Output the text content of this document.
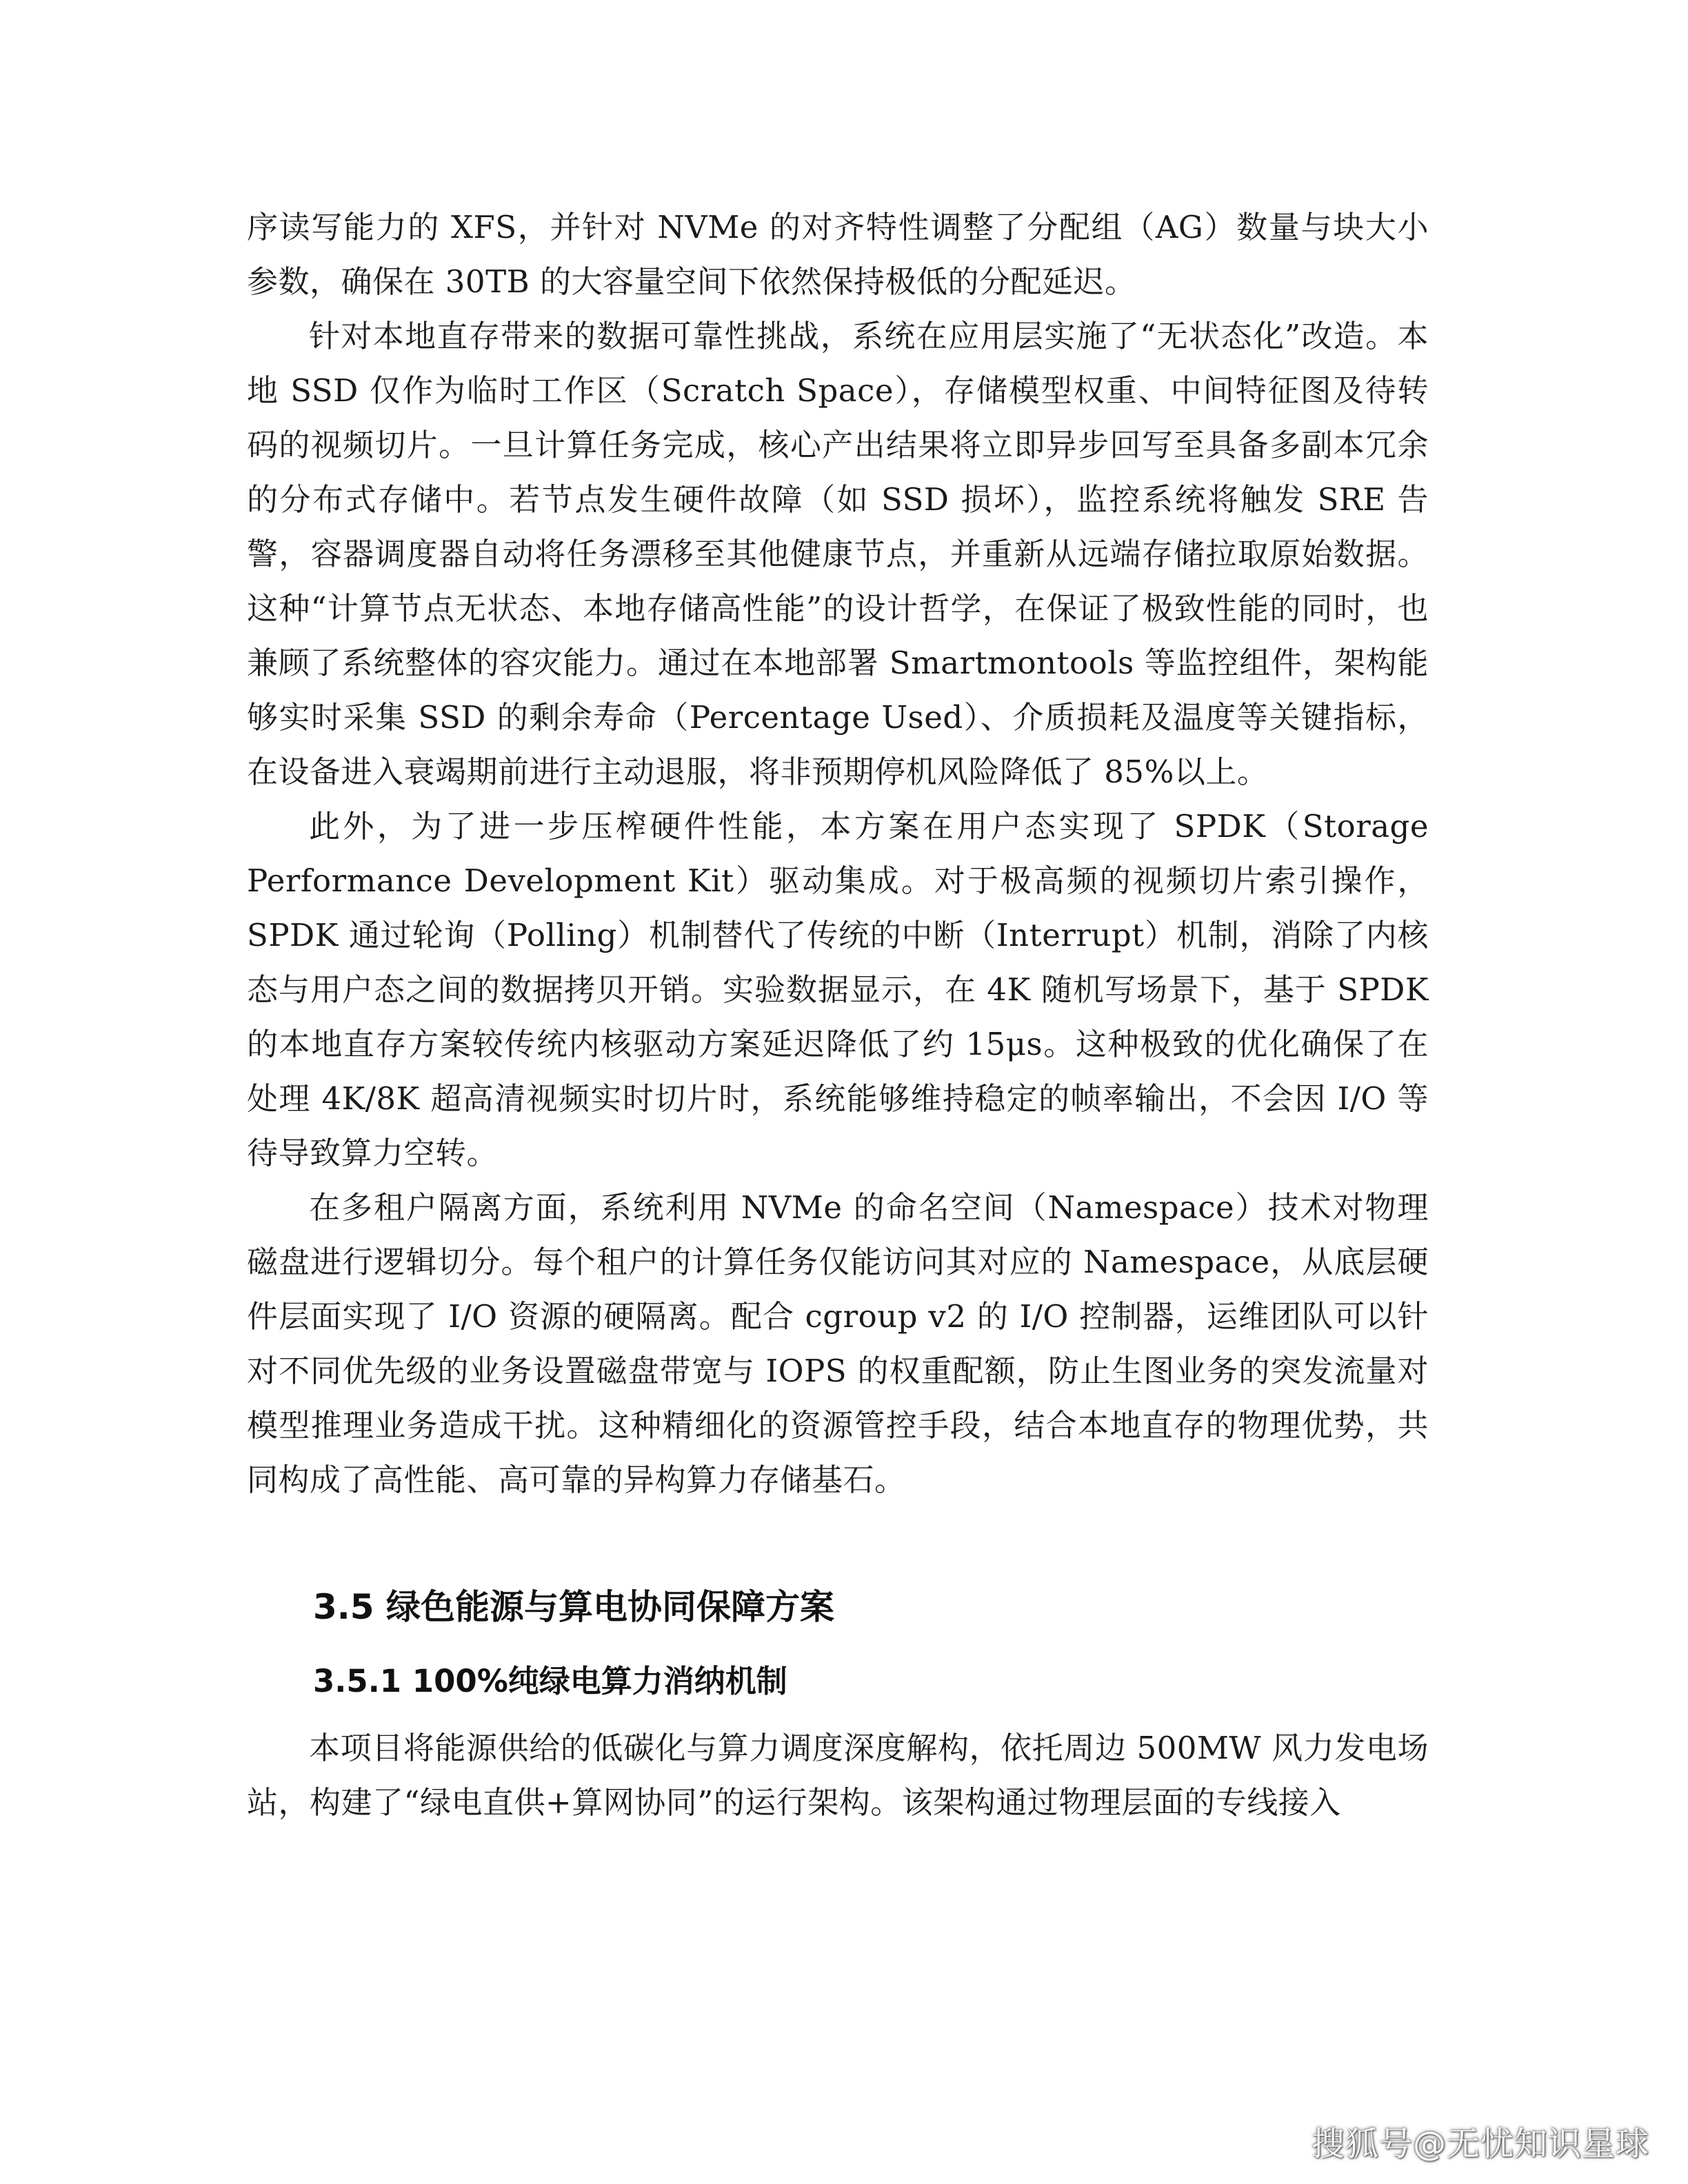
序读写能力的 XFS，并针对 NVMe 的对齐特性调整了分配组（AG）数量与块大小参数，确保在 30TB 的大容量空间下依然保持极低的分配延迟。

针对本地直存带来的数据可靠性挑战，系统在应用层实施了“无状态化”改造。本地 SSD 仅作为临时工作区（Scratch Space），存储模型权重、中间特征图及待转码的视频切片。一旦计算任务完成，核心产出结果将立即异步回写至具备多副本冗余的分布式存储中。若节点发生硬件故障（如 SSD 损坏），监控系统将触发 SRE 告警，容器调度器自动将任务漂移至其他健康节点，并重新从远端存储拉取原始数据。这种“计算节点无状态、本地存储高性能”的设计哲学，在保证了极致性能的同时，也兼顾了系统整体的容灾能力。通过在本地部署 Smartmontools 等监控组件，架构能够实时采集 SSD 的剩余寿命（Percentage Used）、介质损耗及温度等关键指标，在设备进入衰竭期前进行主动退服，将非预期停机风险降低了 85%以上。

此外，为了进一步压榨硬件性能，本方案在用户态实现了 SPDK（Storage Performance Development Kit）驱动集成。对于极高频的视频切片索引操作，SPDK 通过轮询（Polling）机制替代了传统的中断（Interrupt）机制，消除了内核态与用户态之间的数据拷贝开销。实验数据显示，在 4K 随机写场景下，基于 SPDK 的本地直存方案较传统内核驱动方案延迟降低了约 15μs。这种极致的优化确保了在处理 4K/8K 超高清视频实时切片时，系统能够维持稳定的帧率输出，不会因 I/O 等待导致算力空转。

在多租户隔离方面，系统利用 NVMe 的命名空间（Namespace）技术对物理磁盘进行逻辑切分。每个租户的计算任务仅能访问其对应的 Namespace，从底层硬件层面实现了 I/O 资源的硬隔离。配合 cgroup v2 的 I/O 控制器，运维团队可以针对不同优先级的业务设置磁盘带宽与 IOPS 的权重配额，防止生图业务的突发流量对模型推理业务造成干扰。这种精细化的资源管控手段，结合本地直存的物理优势，共同构成了高性能、高可靠的异构算力存储基石。

3.5 绿色能源与算电协同保障方案
3.5.1 100%纯绿电算力消纳机制

本项目将能源供给的低碳化与算力调度深度解构，依托周边 500MW 风力发电场站，构建了“绿电直供+算网协同”的运行架构。该架构通过物理层面的专线接入

搜狐号@无忧知识星球
